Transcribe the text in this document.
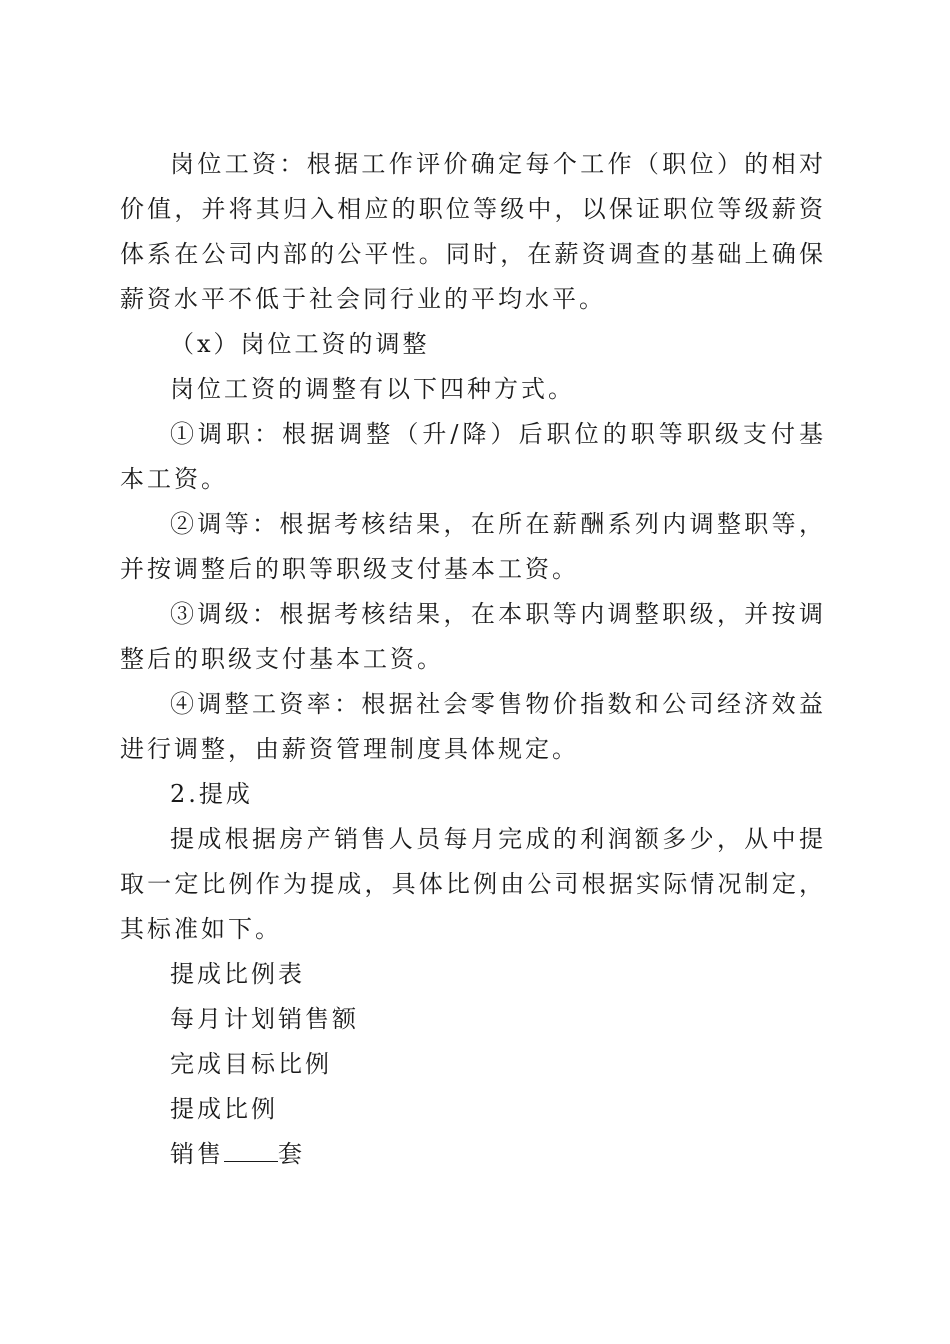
岗位工资：根据工作评价确定每个工作（职位）的相对价值，并将其归入相应的职位等级中，以保证职位等级薪资体系在公司内部的公平性。同时，在薪资调查的基础上确保薪资水平不低于社会同行业的平均水平。

（x）岗位工资的调整

岗位工资的调整有以下四种方式。

①调职：根据调整（升/降）后职位的职等职级支付基本工资。

②调等：根据考核结果，在所在薪酬系列内调整职等，并按调整后的职等职级支付基本工资。

③调级：根据考核结果，在本职等内调整职级，并按调整后的职级支付基本工资。

④调整工资率：根据社会零售物价指数和公司经济效益进行调整，由薪资管理制度具体规定。

2.提成

提成根据房产销售人员每月完成的利润额多少，从中提取一定比例作为提成，具体比例由公司根据实际情况制定，其标准如下。

提成比例表

每月计划销售额

完成目标比例

提成比例

销售 套
